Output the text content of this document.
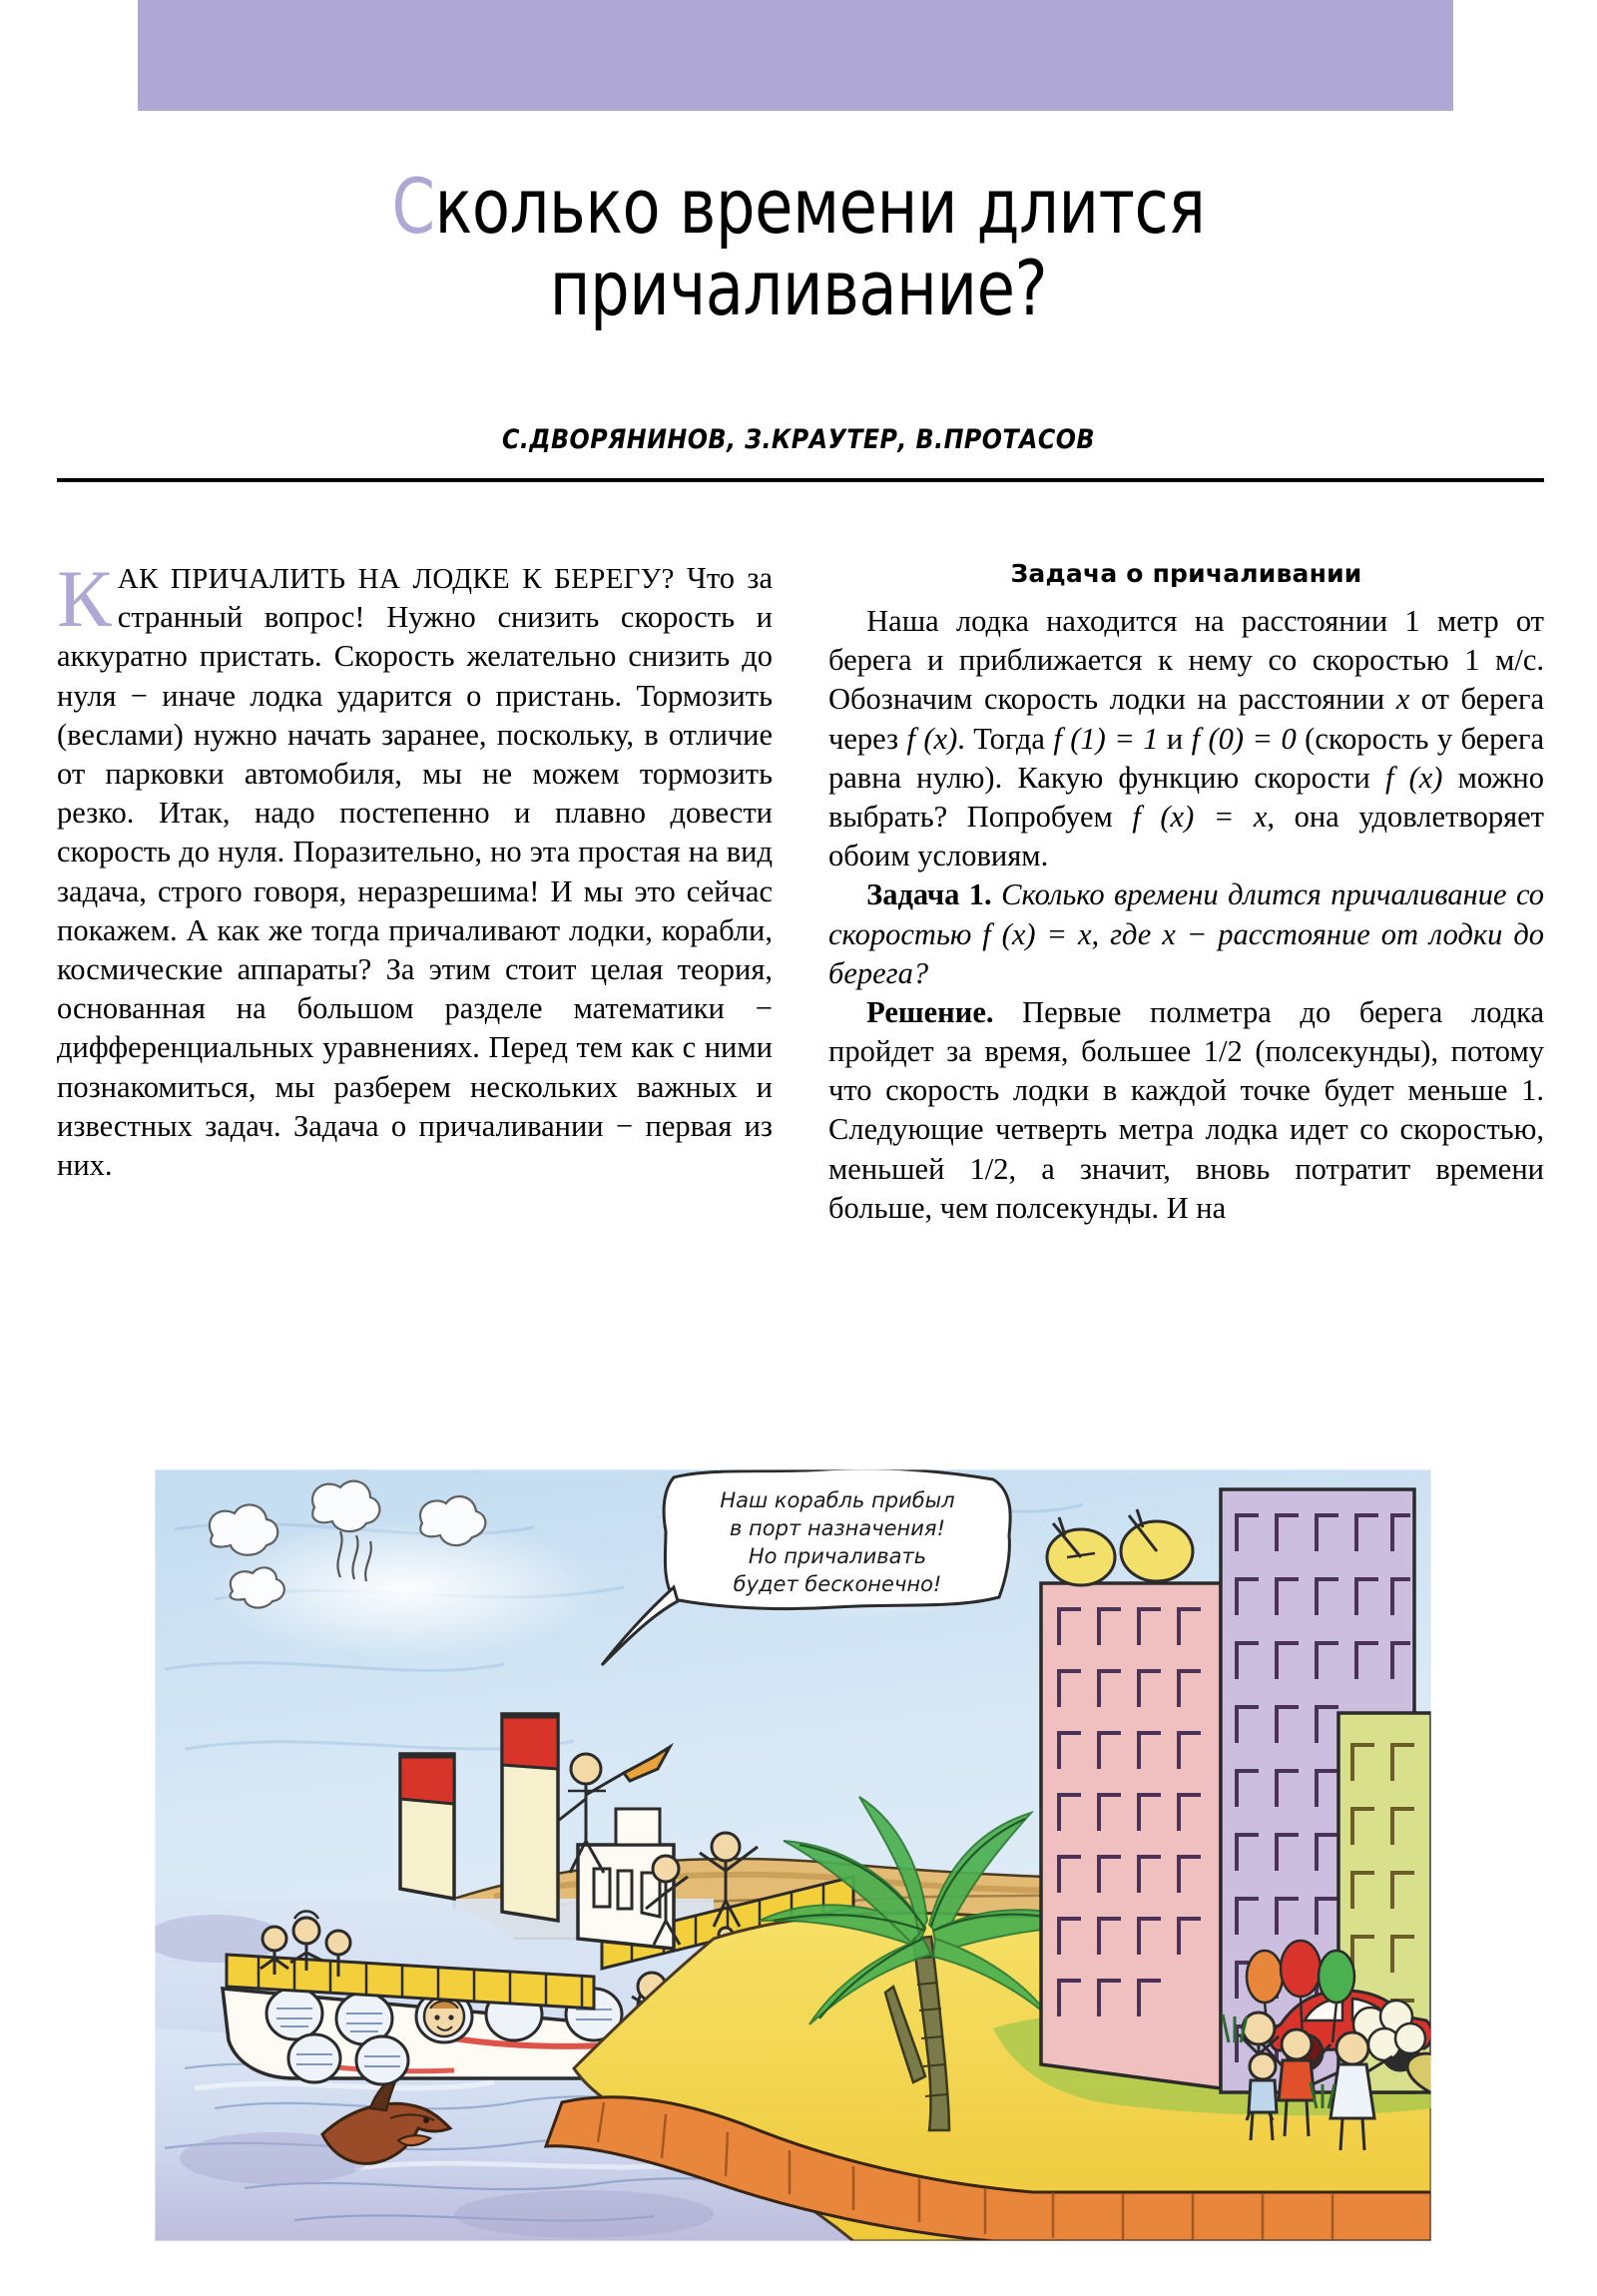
Сколько времени длится
причаливание?
С.ДВОРЯНИНОВ, З.КРАУТЕР, В.ПРОТАСОВ

КАК ПРИЧАЛИТЬ НА ЛОДКЕ К БЕРЕГУ? Что за странный вопрос! Нужно снизить скорость и аккуратно пристать. Скорость желательно снизить до нуля − иначе лодка ударится о пристань. Тормозить (веслами) нужно начать заранее, поскольку, в отличие от парковки автомобиля, мы не можем тормозить резко. Итак, надо постепенно и плавно довести скорость до нуля. Поразительно, но эта простая на вид задача, строго говоря, неразрешима! И мы это сейчас покажем. А как же тогда причаливают лодки, корабли, космические аппараты? За этим стоит целая теория, основанная на большом разделе математики − дифференциальных уравнениях. Перед тем как с ними познакомиться, мы разберем нескольких важных и известных задач. Задача о причаливании − первая из них.

Задача о причаливании

Наша лодка находится на расстоянии 1 метр от берега и приближается к нему со скоростью 1 м/с. Обозначим скорость лодки на расстоянии x от берега через f (x). Тогда f (1) = 1 и f (0) = 0 (скорость у берега равна нулю). Какую функцию скорости f (x) можно выбрать? Попробуем f (x) = x, она удовлетворяет обоим условиям.

Задача 1. Сколько времени длится причаливание со скоростью f (x) = x, где x − расстояние от лодки до берега?

Решение. Первые полметра до берега лодка пройдет за время, большее 1/2 (полсекунды), потому что скорость лодки в каждой точке будет меньше 1. Следующие четверть метра лодка идет со скоростью, меньшей 1/2, а значит, вновь потратит времени больше, чем полсекунды. И на

Наш корабль прибыл
в порт назначения!
Но причаливать
будет бесконечно!
